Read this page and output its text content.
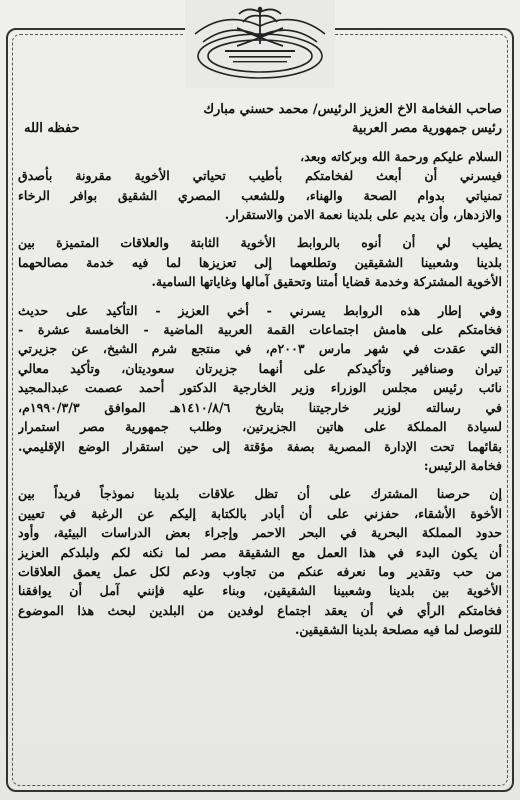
صاحب الفخامة الاخ العزيز الرئيس/ محمد حسني مبارك
رئيس جمهورية مصر العربية
حفظه الله
السلام عليكم ورحمة الله وبركاته وبعد،
فيسرني أن أبعث لفخامتكم بأطيب تحياتي الأخوية مقرونة بأصدق
تمنياتي بدوام الصحة والهناء، وللشعب المصري الشقيق بوافر الرخاء
والازدهار، وأن يديم على بلدينا نعمة الامن والاستقرار.
يطيب لي أن أنوه بالروابط الأخوية الثابتة والعلاقات المتميزة بين
بلدينا وشعبينا الشقيقين وتطلعهما إلى تعزيزها لما فيه خدمة مصالحهما
الأخوية المشتركة وخدمة قضايا أمتنا وتحقيق آمالها وغاياتها السامية.
وفي إطار هذه الروابط يسرني - أخي العزيز - التأكيد على حديث
فخامتكم على هامش اجتماعات القمة العربية الماضية - الخامسة عشرة -
التي عقدت في شهر مارس ٢٠٠٣م، في منتجع شرم الشيخ، عن جزيرتي
تيران وصنافير وتأكيدكم على أنهما جزيرتان سعوديتان، وتأكيد معالي
نائب رئيس مجلس الوزراء وزير الخارجية الدكتور أحمد عصمت عبدالمجيد
في رسالته لوزير خارجيتنا بتاريخ ١٤١٠/٨/٦هـ الموافق ١٩٩٠/٣/٣م،
لسيادة المملكة على هاتين الجزيرتين، وطلب جمهورية مصر استمرار
بقائهما تحت الإدارة المصرية بصفة مؤقتة إلى حين استقرار الوضع الإقليمي.
فخامة الرئيس:
إن حرصنا المشترك على أن تظل علاقات بلدينا نموذجاً فريداً بين
الأخوة الأشقاء، حفزني على أن أبادر بالكتابة إليكم عن الرغبة في تعيين
حدود المملكة البحرية في البحر الاحمر وإجراء بعض الدراسات البيئية، وأود
أن يكون البدء في هذا العمل مع الشقيقة مصر لما نكنه لكم ولبلدكم العزيز
من حب وتقدير وما نعرفه عنكم من تجاوب ودعم لكل عمل يعمق العلاقات
الأخوية بين بلدينا وشعبينا الشقيقين، وبناء عليه فإنني آمل أن يوافقنا
فخامتكم الرأي في أن يعقد اجتماع لوفدين من البلدين لبحث هذا الموضوع
للتوصل لما فيه مصلحة بلدينا الشقيقين.
